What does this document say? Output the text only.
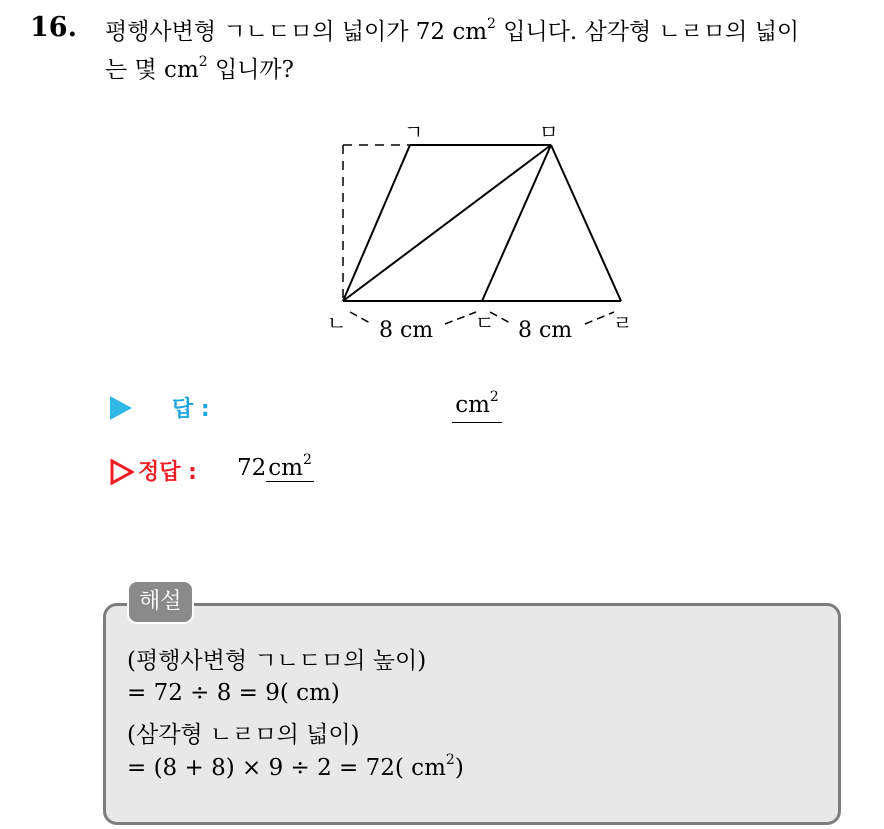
16. 평행사변형 ㄱㄴㄷㅁ의 넓이가 72 $cm^2$ 입니다. 삼각형 ㄴㄹㅁ의 넓이
는 몇 $cm^2$ 입니까?
ㄱ	ㅁ
ㄴ	ㄷ	ㄹ
8 cm	8 cm
답 :	$cm^2$
정답 : $72cm^2$
해설
(평행사변형 ㄱㄴㄷㅁ의 높이)
= 72 ÷ 8 = 9( cm)
(삼각형 ㄴㄹㅁ의 넓이)
= (8 + 8) × 9 ÷ 2 = 72( $cm^2$)
